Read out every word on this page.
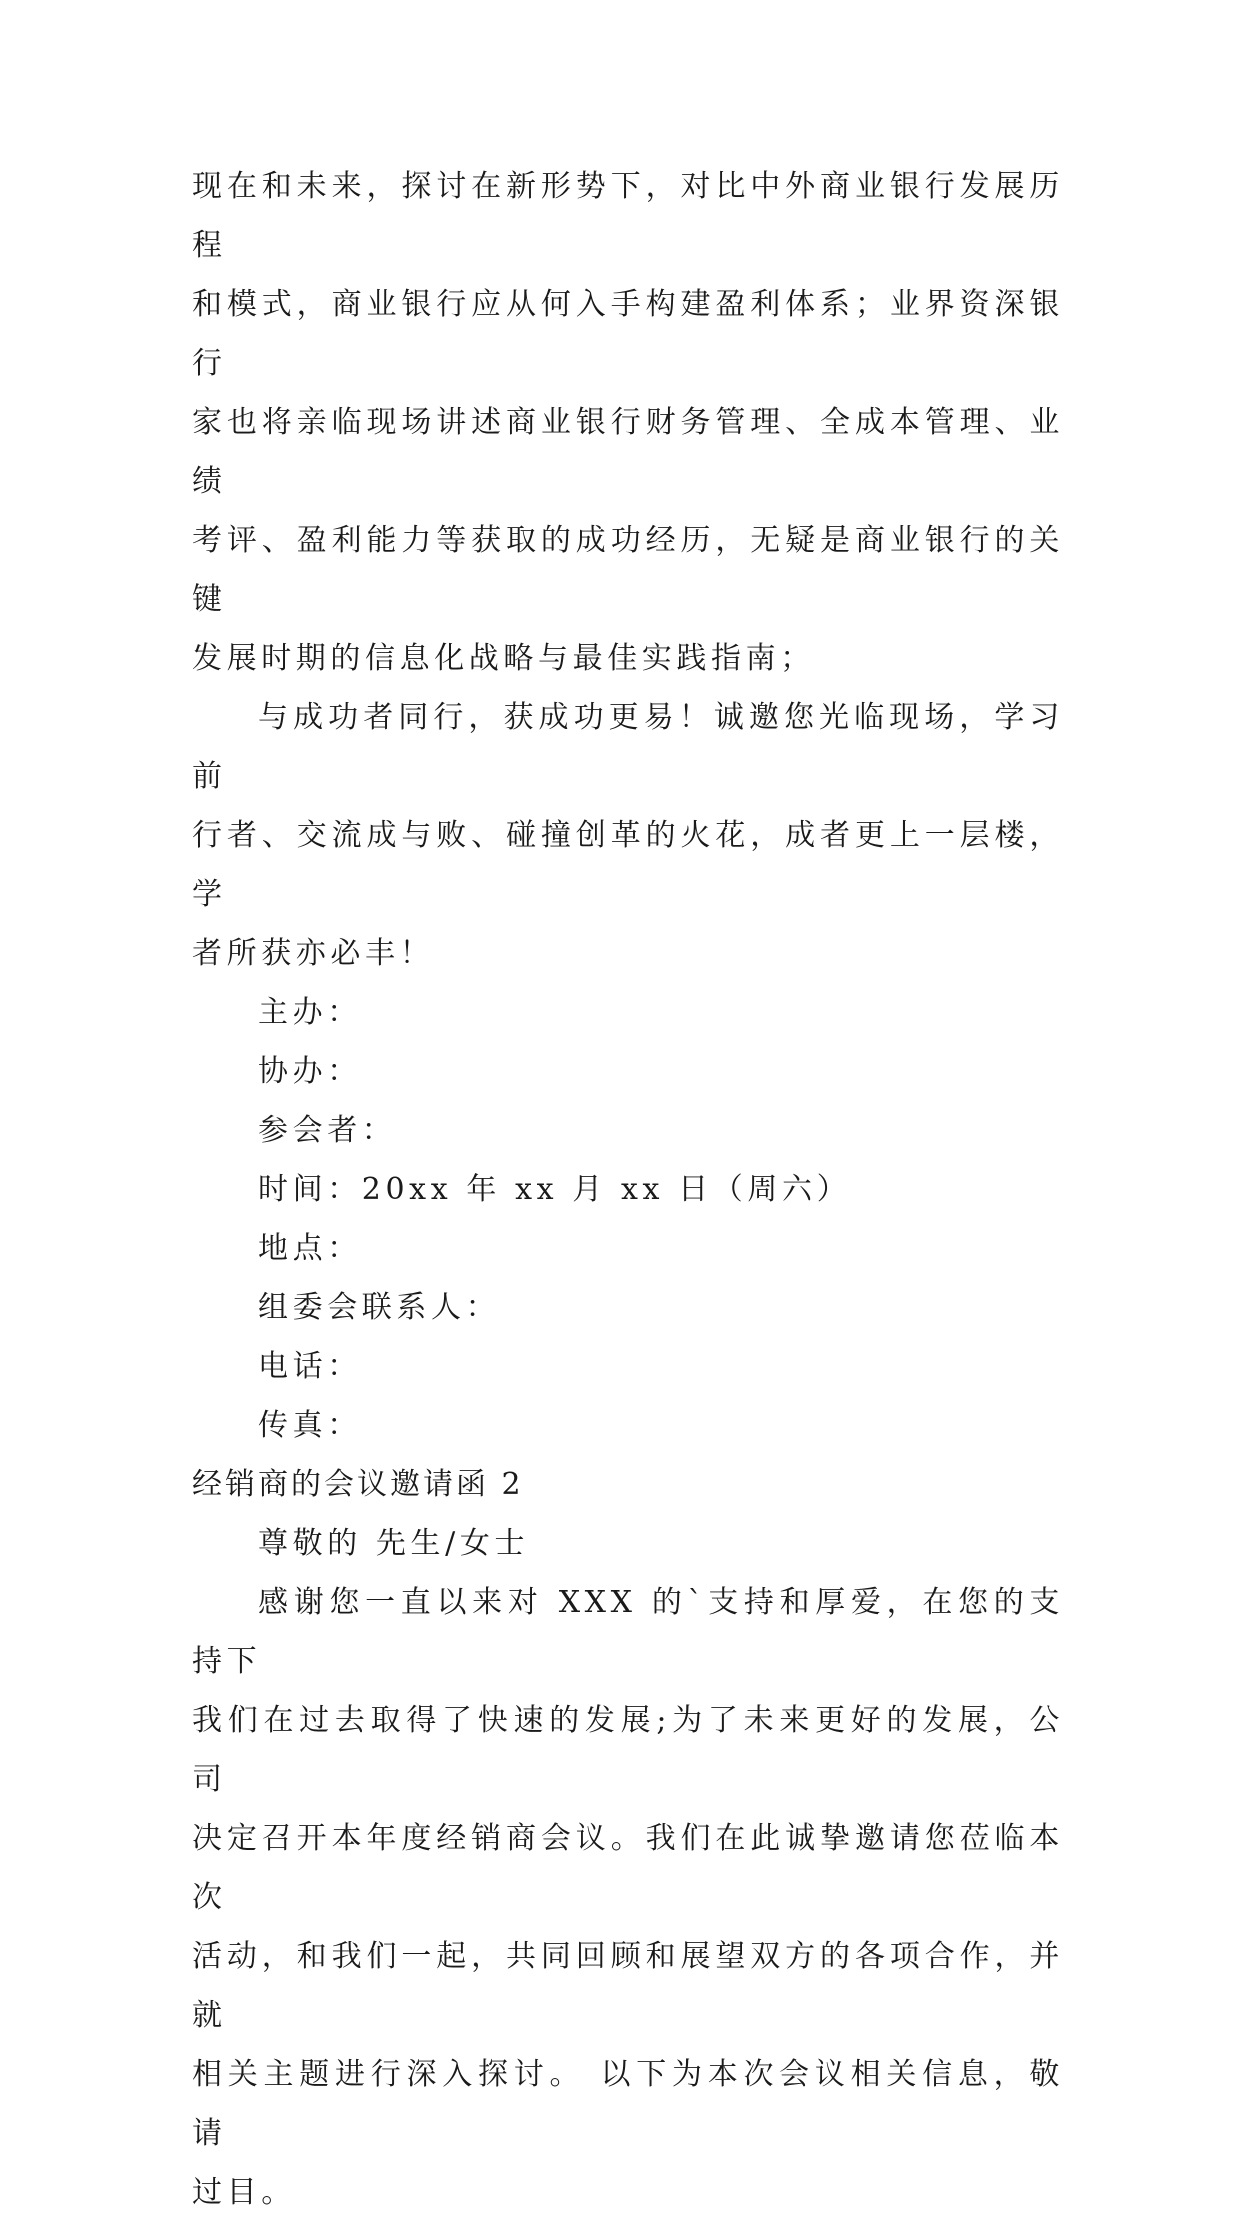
现在和未来，探讨在新形势下，对比中外商业银行发展历程
和模式，商业银行应从何入手构建盈利体系；业界资深银行
家也将亲临现场讲述商业银行财务管理、全成本管理、业绩
考评、盈利能力等获取的成功经历，无疑是商业银行的关键
发展时期的信息化战略与最佳实践指南；
与成功者同行，获成功更易！诚邀您光临现场，学习前
行者、交流成与败、碰撞创革的火花，成者更上一层楼，学
者所获亦必丰！
主办：
协办：
参会者：
时间：20xx 年 xx 月 xx 日（周六）
地点：
组委会联系人：
电话：
传真：
经销商的会议邀请函 2
尊敬的 先生/女士
感谢您一直以来对 XXX 的`支持和厚爱，在您的支持下
我们在过去取得了快速的发展;为了未来更好的发展，公司
决定召开本年度经销商会议。我们在此诚挚邀请您莅临本次
活动，和我们一起，共同回顾和展望双方的各项合作，并就
相关主题进行深入探讨。 以下为本次会议相关信息，敬请
过目。
